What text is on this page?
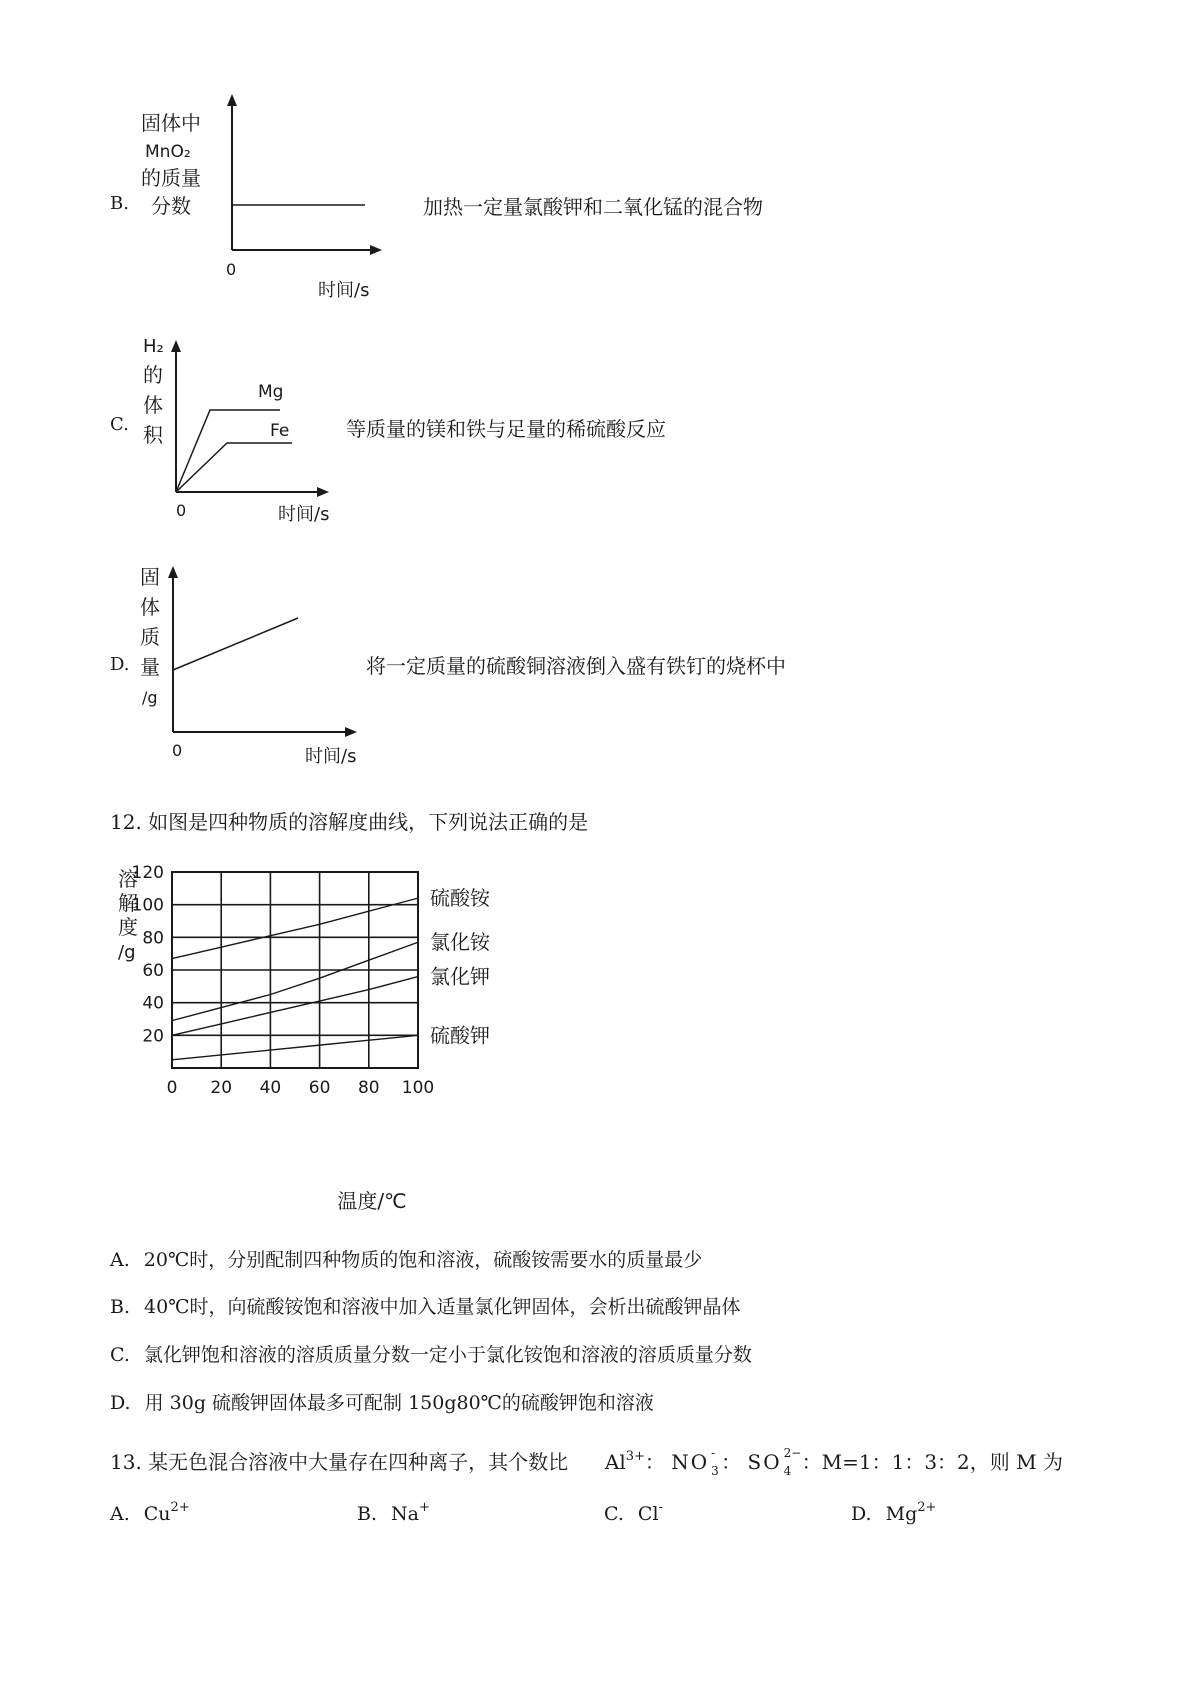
B.
固体中
MnO₂
的质量
分数
0
时间/s
加热一定量氯酸钾和二氧化锰的混合物
C.
H₂
的
体
积
Mg
Fe
0	时间/s
等质量的镁和铁与足量的稀硫酸反应
D.
固
体
质
量
/g
0	时间/s
将一定质量的硫酸铜溶液倒入盛有铁钉的烧杯中
12. 如图是四种物质的溶解度曲线，下列说法正确的是
溶
解
度
/g
0 20 40 60 80 100
20
40
60
80
100
120
硫酸铵
氯化铵
氯化钾
硫酸钾
温度/℃
A. 20℃时，分别配制四种物质的饱和溶液，硫酸铵需要水的质量最少
B. 40℃时，向硫酸铵饱和溶液中加入适量氯化钾固体，会析出硫酸钾晶体
C. 氯化钾饱和溶液的溶质质量分数一定小于氯化铵饱和溶液的溶质质量分数
D. 用 30g 硫酸钾固体最多可配制 150g80℃的硫酸钾饱和溶液
13. 某无色混合溶液中大量存在四种离子，其个数比 $Al^{3+}$： NO -
3 ： SO 2−
4 ：M=1：1：3：2，则 M 为
A. $Cu^{2+}$	B. Na+	C. Cl-	D. $Mg^{2+}$
